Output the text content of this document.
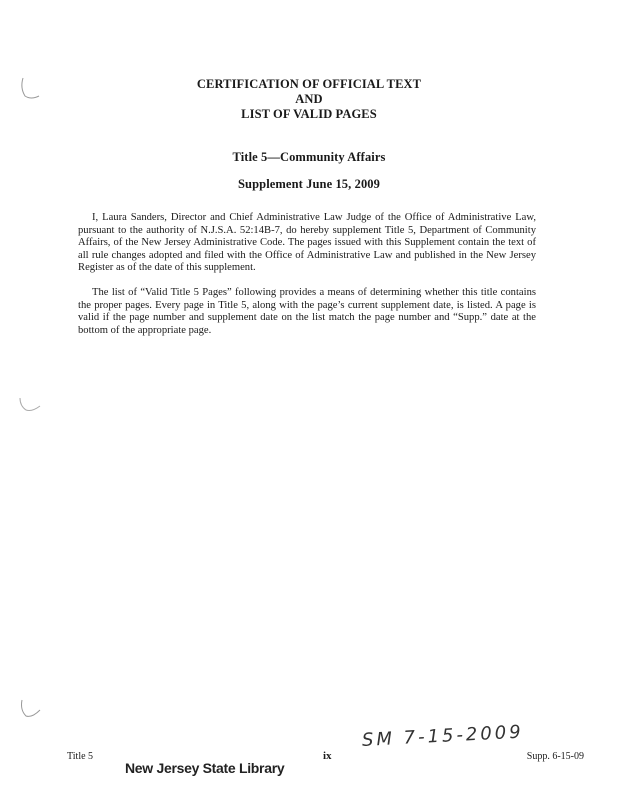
CERTIFICATION OF OFFICIAL TEXT
AND
LIST OF VALID PAGES
Title 5—Community Affairs
Supplement June 15, 2009

I, Laura Sanders, Director and Chief Administrative Law Judge of the Office of Administrative Law, pursuant to the authority of N.J.S.A. 52:14B-7, do hereby supplement Title 5, Department of Community Affairs, of the New Jersey Administrative Code. The pages issued with this Supplement contain the text of all rule changes adopted and filed with the Office of Administrative Law and published in the New Jersey Register as of the date of this supplement.

The list of “Valid Title 5 Pages” following provides a means of determining whether this title contains the proper pages. Every page in Title 5, along with the page’s current supplement date, is listed. A page is valid if the page number and supplement date on the list match the page number and “Supp.” date at the bottom of the appropriate page.

SM 7-15-2009
Title 5	ix	Supp. 6-15-09
New Jersey State Library
